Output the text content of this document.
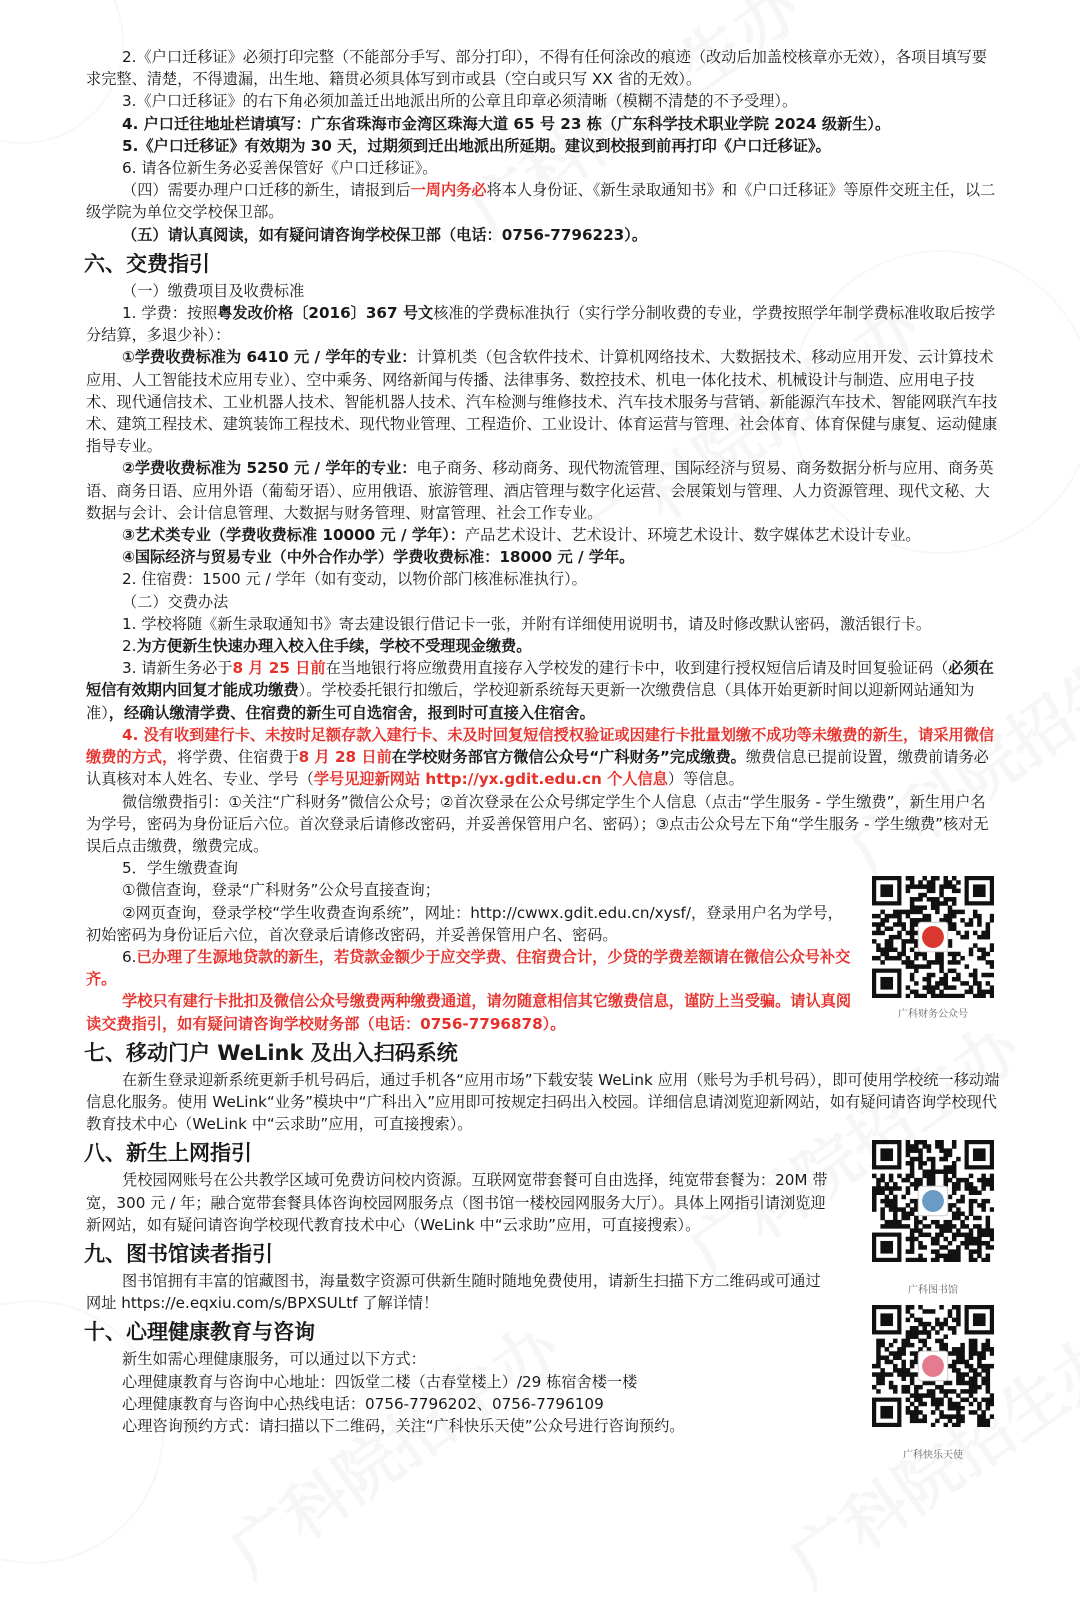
2.《户口迁移证》必须打印完整（不能部分手写、部分打印），不得有任何涂改的痕迹（改动后加盖校核章亦无效），各项目填写要求完整、清楚，不得遗漏，出生地、籍贯必须具体写到市或县（空白或只写 XX 省的无效）。

3.《户口迁移证》的右下角必须加盖迁出地派出所的公章且印章必须清晰（模糊不清楚的不予受理）。

4. 户口迁往地址栏请填写：广东省珠海市金湾区珠海大道 65 号 23 栋（广东科学技术职业学院 2024 级新生）。

5.《户口迁移证》有效期为 30 天，过期须到迁出地派出所延期。建议到校报到前再打印《户口迁移证》。

6. 请各位新生务必妥善保管好《户口迁移证》。

（四）需要办理户口迁移的新生，请报到后一周内务必将本人身份证、《新生录取通知书》和《户口迁移证》等原件交班主任，以二级学院为单位交学校保卫部。

（五）请认真阅读，如有疑问请咨询学校保卫部（电话：0756-7796223）。

六、交费指引

（一）缴费项目及收费标准

1. 学费：按照粤发改价格〔2016〕367 号文核准的学费标准执行（实行学分制收费的专业，学费按照学年制学费标准收取后按学分结算，多退少补）：

①学费收费标准为 6410 元 / 学年的专业：计算机类（包含软件技术、计算机网络技术、大数据技术、移动应用开发、云计算技术应用、人工智能技术应用专业）、空中乘务、网络新闻与传播、法律事务、数控技术、机电一体化技术、机械设计与制造、应用电子技术、现代通信技术、工业机器人技术、智能机器人技术、汽车检测与维修技术、汽车技术服务与营销、新能源汽车技术、智能网联汽车技术、建筑工程技术、建筑装饰工程技术、现代物业管理、工程造价、工业设计、体育运营与管理、社会体育、体育保健与康复、运动健康指导专业。

②学费收费标准为 5250 元 / 学年的专业：电子商务、移动商务、现代物流管理、国际经济与贸易、商务数据分析与应用、商务英语、商务日语、应用外语（葡萄牙语）、应用俄语、旅游管理、酒店管理与数字化运营、会展策划与管理、人力资源管理、现代文秘、大数据与会计、会计信息管理、大数据与财务管理、财富管理、社会工作专业。

③艺术类专业（学费收费标准 10000 元 / 学年）：产品艺术设计、艺术设计、环境艺术设计、数字媒体艺术设计专业。

④国际经济与贸易专业（中外合作办学）学费收费标准：18000 元 / 学年。

2. 住宿费：1500 元 / 学年（如有变动，以物价部门核准标准执行）。

（二）交费办法

1. 学校将随《新生录取通知书》寄去建设银行借记卡一张，并附有详细使用说明书，请及时修改默认密码，激活银行卡。

2.为方便新生快速办理入校入住手续，学校不受理现金缴费。

3. 请新生务必于8 月 25 日前在当地银行将应缴费用直接存入学校发的建行卡中，收到建行授权短信后请及时回复验证码（必须在短信有效期内回复才能成功缴费）。学校委托银行扣缴后，学校迎新系统每天更新一次缴费信息（具体开始更新时间以迎新网站通知为准），经确认缴清学费、住宿费的新生可自选宿舍，报到时可直接入住宿舍。

4. 没有收到建行卡、未按时足额存款入建行卡、未及时回复短信授权验证或因建行卡批量划缴不成功等未缴费的新生，请采用微信缴费的方式，将学费、住宿费于8 月 28 日前在学校财务部官方微信公众号“广科财务”完成缴费。缴费信息已提前设置，缴费前请务必认真核对本人姓名、专业、学号（学号见迎新网站 http://yx.gdit.edu.cn 个人信息）等信息。

微信缴费指引：①关注“广科财务”微信公众号；②首次登录在公众号绑定学生个人信息（点击“学生服务 - 学生缴费”，新生用户名为学号，密码为身份证后六位。首次登录后请修改密码，并妥善保管用户名、密码）；③点击公众号左下角“学生服务 - 学生缴费”核对无误后点击缴费，缴费完成。

5．学生缴费查询

①微信查询，登录“广科财务”公众号直接查询；

②网页查询，登录学校“学生收费查询系统”，网址：http://cwwx.gdit.edu.cn/xysf/，登录用户名为学号，初始密码为身份证后六位，首次登录后请修改密码，并妥善保管用户名、密码。

6.已办理了生源地贷款的新生，若贷款金额少于应交学费、住宿费合计，少贷的学费差额请在微信公众号补交齐。

学校只有建行卡批扣及微信公众号缴费两种缴费通道，请勿随意相信其它缴费信息，谨防上当受骗。请认真阅读交费指引，如有疑问请咨询学校财务部（电话：0756-7796878）。

七、移动门户 WeLink 及出入扫码系统

在新生登录迎新系统更新手机号码后，通过手机各“应用市场”下载安装 WeLink 应用（账号为手机号码），即可使用学校统一移动端信息化服务。使用 WeLink“业务”模块中“广科出入”应用即可按规定扫码出入校园。详细信息请浏览迎新网站，如有疑问请咨询学校现代教育技术中心（WeLink 中“云求助”应用，可直接搜索）。

八、新生上网指引

凭校园网账号在公共教学区域可免费访问校内资源。互联网宽带套餐可自由选择，纯宽带套餐为：20M 带宽，300 元 / 年；融合宽带套餐具体咨询校园网服务点（图书馆一楼校园网服务大厅）。具体上网指引请浏览迎新网站，如有疑问请咨询学校现代教育技术中心（WeLink 中“云求助”应用，可直接搜索）。

九、图书馆读者指引

图书馆拥有丰富的馆藏图书，海量数字资源可供新生随时随地免费使用，请新生扫描下方二维码或可通过网址 https://e.eqxiu.com/s/BPXSULtf 了解详情！

十、心理健康教育与咨询

新生如需心理健康服务，可以通过以下方式：

心理健康教育与咨询中心地址：四饭堂二楼（古春堂楼上）/29 栋宿舍楼一楼

心理健康教育与咨询中心热线电话：0756-7796202、0756-7796109

心理咨询预约方式：请扫描以下二维码，关注“广科快乐天使”公众号进行咨询预约。

广科财务公众号
广科图书馆
广科快乐天使
